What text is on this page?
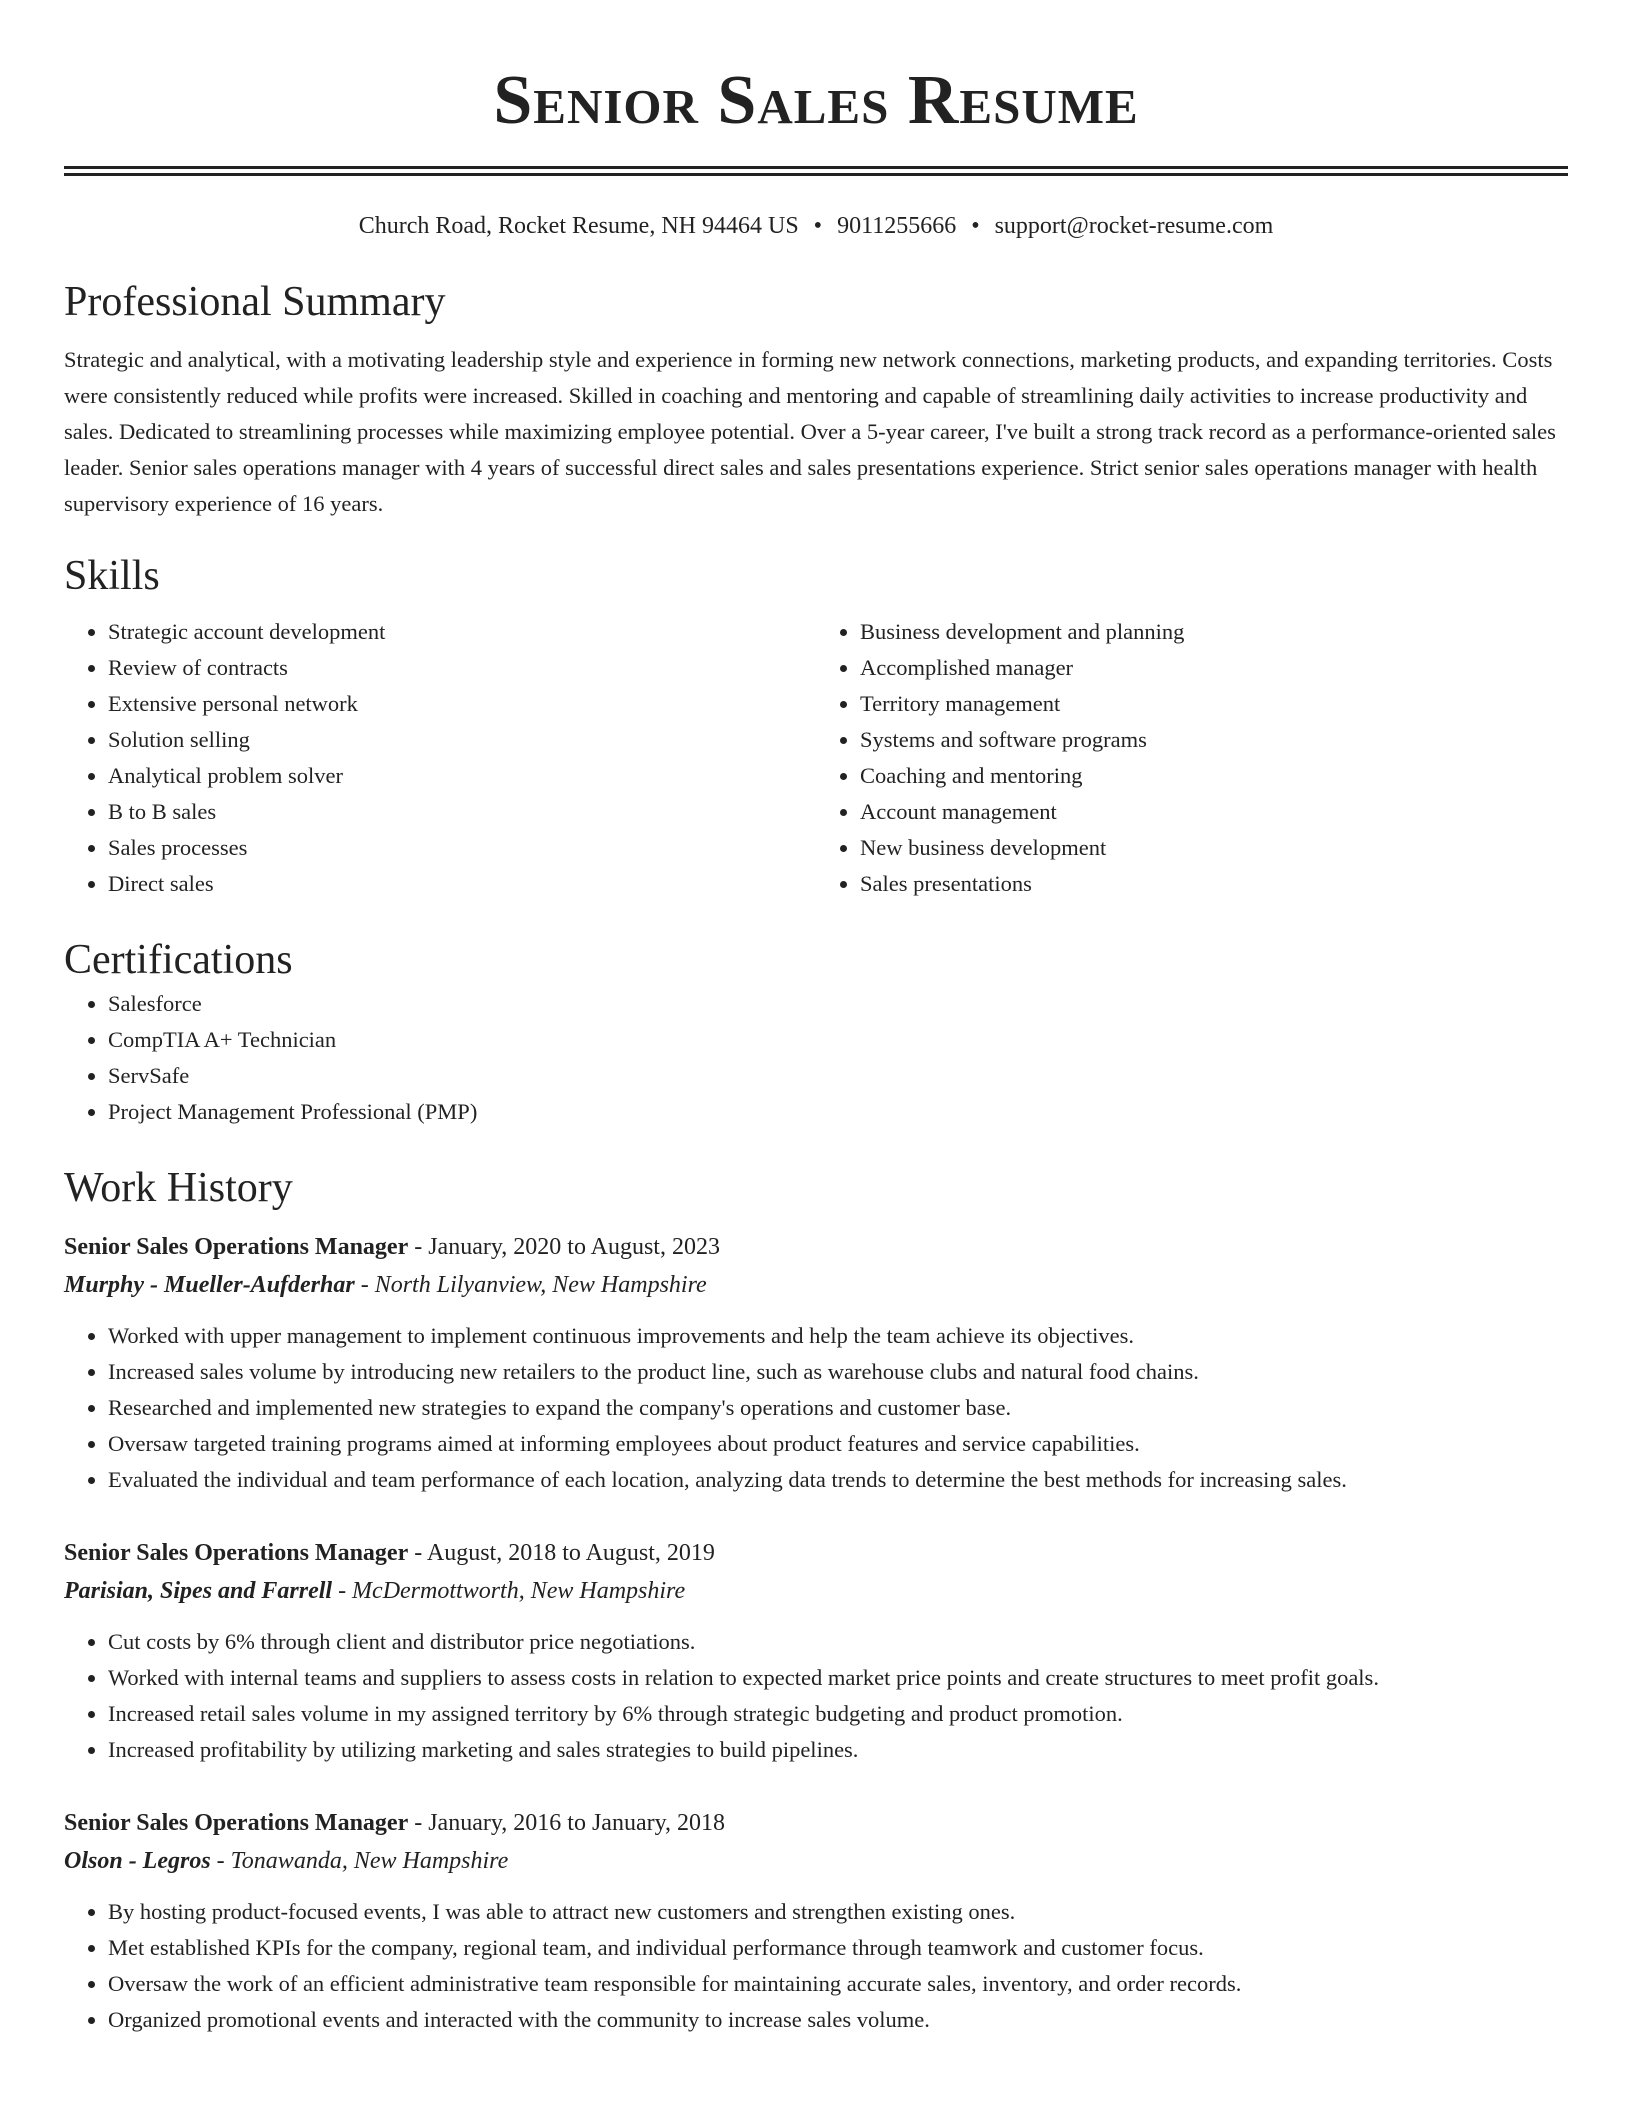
Senior Sales Resume
Church Road, Rocket Resume, NH 94464 US • 9011255666 • support@rocket-resume.com
Professional Summary

Strategic and analytical, with a motivating leadership style and experience in forming new network connections, marketing products, and expanding territories. Costs were consistently reduced while profits were increased. Skilled in coaching and mentoring and capable of streamlining daily activities to increase productivity and sales. Dedicated to streamlining processes while maximizing employee potential. Over a 5-year career, I've built a strong track record as a performance-oriented sales leader. Senior sales operations manager with 4 years of successful direct sales and sales presentations experience. Strict senior sales operations manager with health supervisory experience of 16 years.

Skills
• Strategic account development
• Review of contracts
• Extensive personal network
• Solution selling
• Analytical problem solver
• B to B sales
• Sales processes
• Direct sales
• Business development and planning
• Accomplished manager
• Territory management
• Systems and software programs
• Coaching and mentoring
• Account management
• New business development
• Sales presentations
Certifications
• Salesforce
• CompTIA A+ Technician
• ServSafe
• Project Management Professional (PMP)
Work History
Senior Sales Operations Manager - January, 2020 to August, 2023
Murphy - Mueller-Aufderhar - North Lilyanview, New Hampshire
• Worked with upper management to implement continuous improvements and help the team achieve its objectives.
• Increased sales volume by introducing new retailers to the product line, such as warehouse clubs and natural food chains.
• Researched and implemented new strategies to expand the company's operations and customer base.
• Oversaw targeted training programs aimed at informing employees about product features and service capabilities.
• Evaluated the individual and team performance of each location, analyzing data trends to determine the best methods for increasing sales.
Senior Sales Operations Manager - August, 2018 to August, 2019
Parisian, Sipes and Farrell - McDermottworth, New Hampshire
• Cut costs by 6% through client and distributor price negotiations.
• Worked with internal teams and suppliers to assess costs in relation to expected market price points and create structures to meet profit goals.
• Increased retail sales volume in my assigned territory by 6% through strategic budgeting and product promotion.
• Increased profitability by utilizing marketing and sales strategies to build pipelines.
Senior Sales Operations Manager - January, 2016 to January, 2018
Olson - Legros - Tonawanda, New Hampshire
• By hosting product-focused events, I was able to attract new customers and strengthen existing ones.
• Met established KPIs for the company, regional team, and individual performance through teamwork and customer focus.
• Oversaw the work of an efficient administrative team responsible for maintaining accurate sales, inventory, and order records.
• Organized promotional events and interacted with the community to increase sales volume.
